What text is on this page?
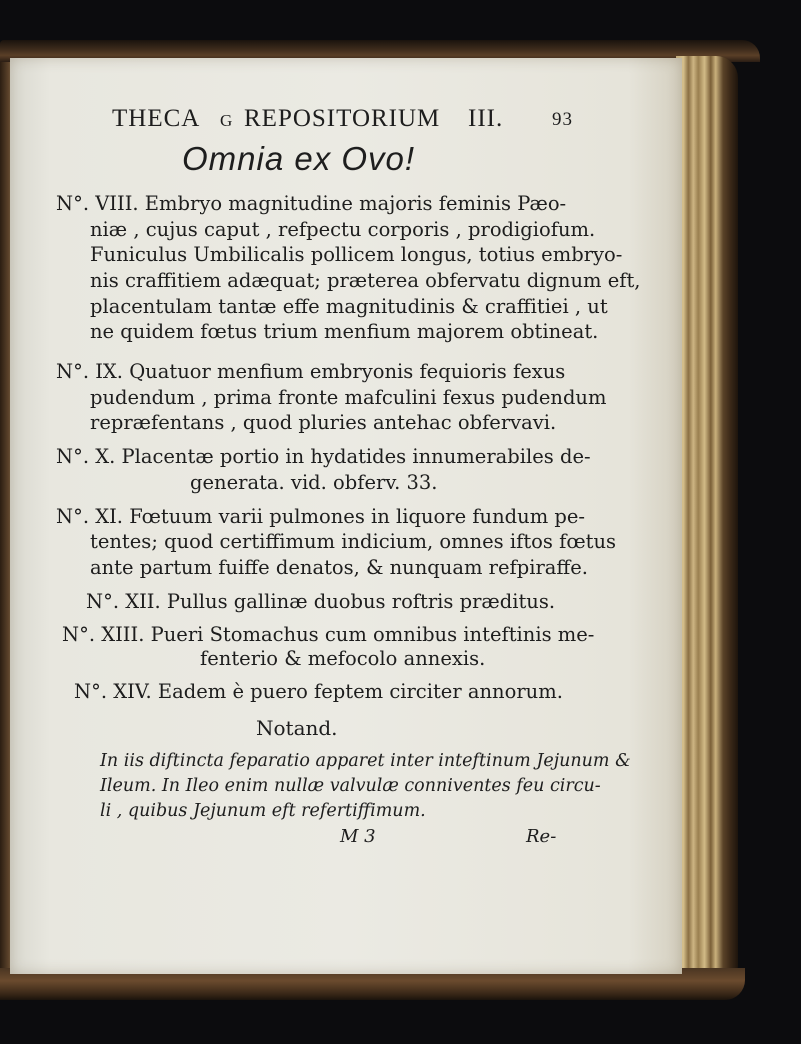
THECA G REPOSITORIUM III.	93
Omnia ex Ovo!
N°. VIII. Embryo magnitudine majoris feminis Pæo-
niæ , cujus caput , refpectu corporis , prodigiofum.
Funiculus Umbilicalis pollicem longus, totius embryo-
nis craffitiem adæquat; præterea obfervatu dignum eft,
placentulam tantæ effe magnitudinis & craffitiei , ut
ne quidem fœtus trium menfium majorem obtineat.
N°. IX. Quatuor menfium embryonis fequioris fexus
pudendum , prima fronte mafculini fexus pudendum
repræfentans , quod pluries antehac obfervavi.
N°. X. Placentæ portio in hydatides innumerabiles de-
generata. vid. obferv. 33.
N°. XI. Fœtuum varii pulmones in liquore fundum pe-
tentes; quod certiffimum indicium, omnes iftos fœtus
ante partum fuiffe denatos, & nunquam refpiraffe.
N°. XII. Pullus gallinæ duobus roftris præditus.
N°. XIII. Pueri Stomachus cum omnibus inteftinis me-
fenterio & mefocolo annexis.
N°. XIV. Eadem è puero feptem circiter annorum.
Notand.
In iis diftincta feparatio apparet inter inteftinum Jejunum &
Ileum. In Ileo enim nullæ valvulæ conniventes feu circu-
li , quibus Jejunum eft refertiffimum.
M 3	Re-
